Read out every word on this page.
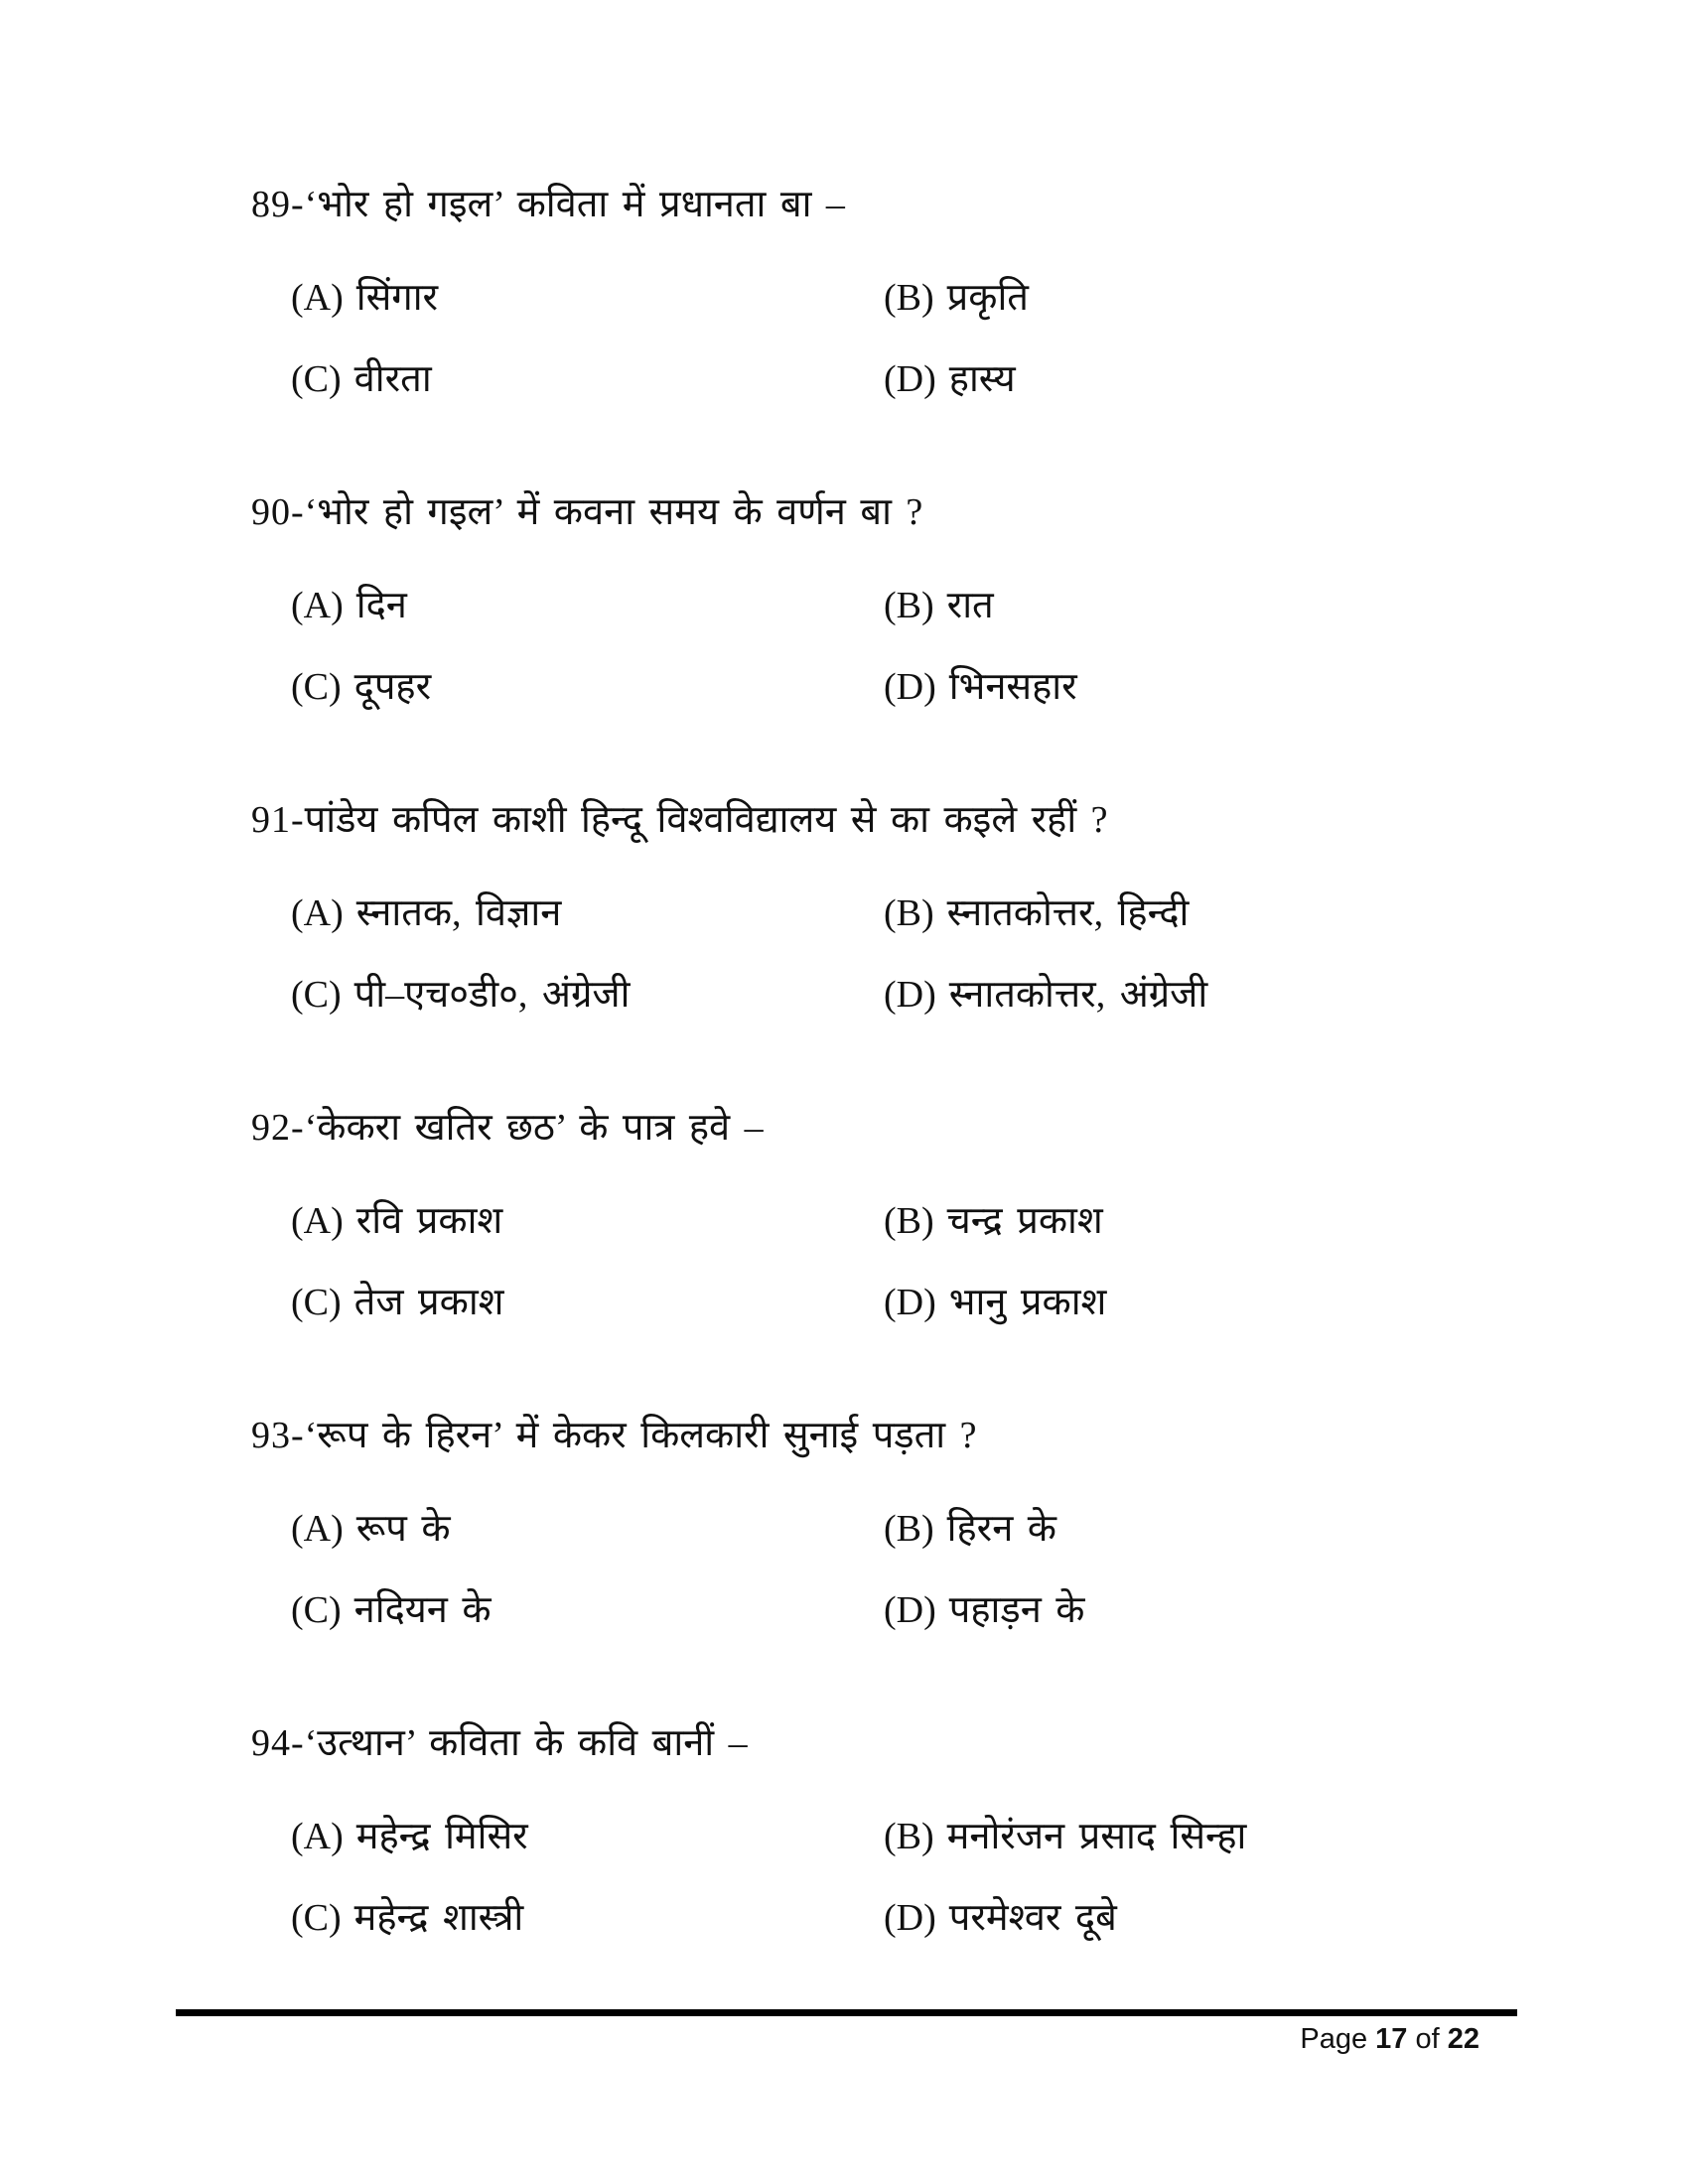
89-‘भोर हो गइल’ कविता में प्रधानता बा –
(A) सिंगार	(B) प्रकृति
(C) वीरता	(D) हास्य
90-‘भोर हो गइल’ में कवना समय के वर्णन बा ?
(A) दिन	(B) रात
(C) दूपहर	(D) भिनसहार
91-पांडेय कपिल काशी हिन्दू विश्वविद्यालय से का कइले रहीं ?
(A) स्नातक, विज्ञान	(B) स्नातकोत्तर, हिन्दी
(C) पी–एच०डी०, अंग्रेजी	(D) स्नातकोत्तर, अंग्रेजी
92-‘केकरा खतिर छठ’ के पात्र हवे –
(A) रवि प्रकाश	(B) चन्द्र प्रकाश
(C) तेज प्रकाश	(D) भानु प्रकाश
93-‘रूप के हिरन’ में केकर किलकारी सुनाई पड़ता ?
(A) रूप के	(B) हिरन के
(C) नदियन के	(D) पहाड़न के
94-‘उत्थान’ कविता के कवि बानीं –
(A) महेन्द्र मिसिर	(B) मनोरंजन प्रसाद सिन्हा
(C) महेन्द्र शास्त्री	(D) परमेश्वर दूबे
Page 17 of 22
